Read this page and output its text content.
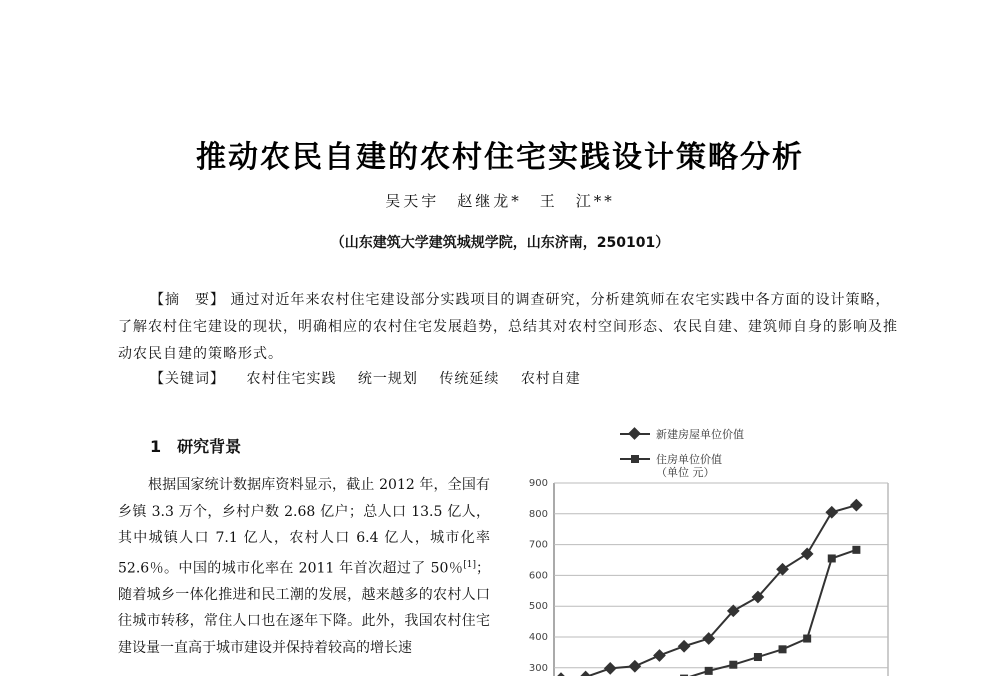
推动农民自建的农村住宅实践设计策略分析
吴天宇　赵继龙*　王　江**
（山东建筑大学建筑城规学院，山东济南，250101）

【摘　要】 通过对近年来农村住宅建设部分实践项目的调查研究，分析建筑师在农宅实践中各方面的设计策略，了解农村住宅建设的现状，明确相应的农村住宅发展趋势，总结其对农村空间形态、农民自建、建筑师自身的影响及推动农民自建的策略形式。

【关键词】 农村住宅实践 统一规划 传统延续 农村自建
1 研究背景

根据国家统计数据库资料显示，截止 2012 年，全国有乡镇 3.3 万个，乡村户数 2.68 亿户；总人口 13.5 亿人，其中城镇人口 7.1 亿人，农村人口 6.4 亿人，城市化率 52.6％。中国的城市化率在 2011 年首次超过了 50％[1]；随着城乡一体化推进和民工潮的发展，越来越多的农村人口往城市转移，常住人口也在逐年下降。此外，我国农村住宅建设量一直高于城市建设并保持着较高的增长速

900
800
700
600
500
400
300
新建房屋单位价值
住房单位价值
（单位 元）
